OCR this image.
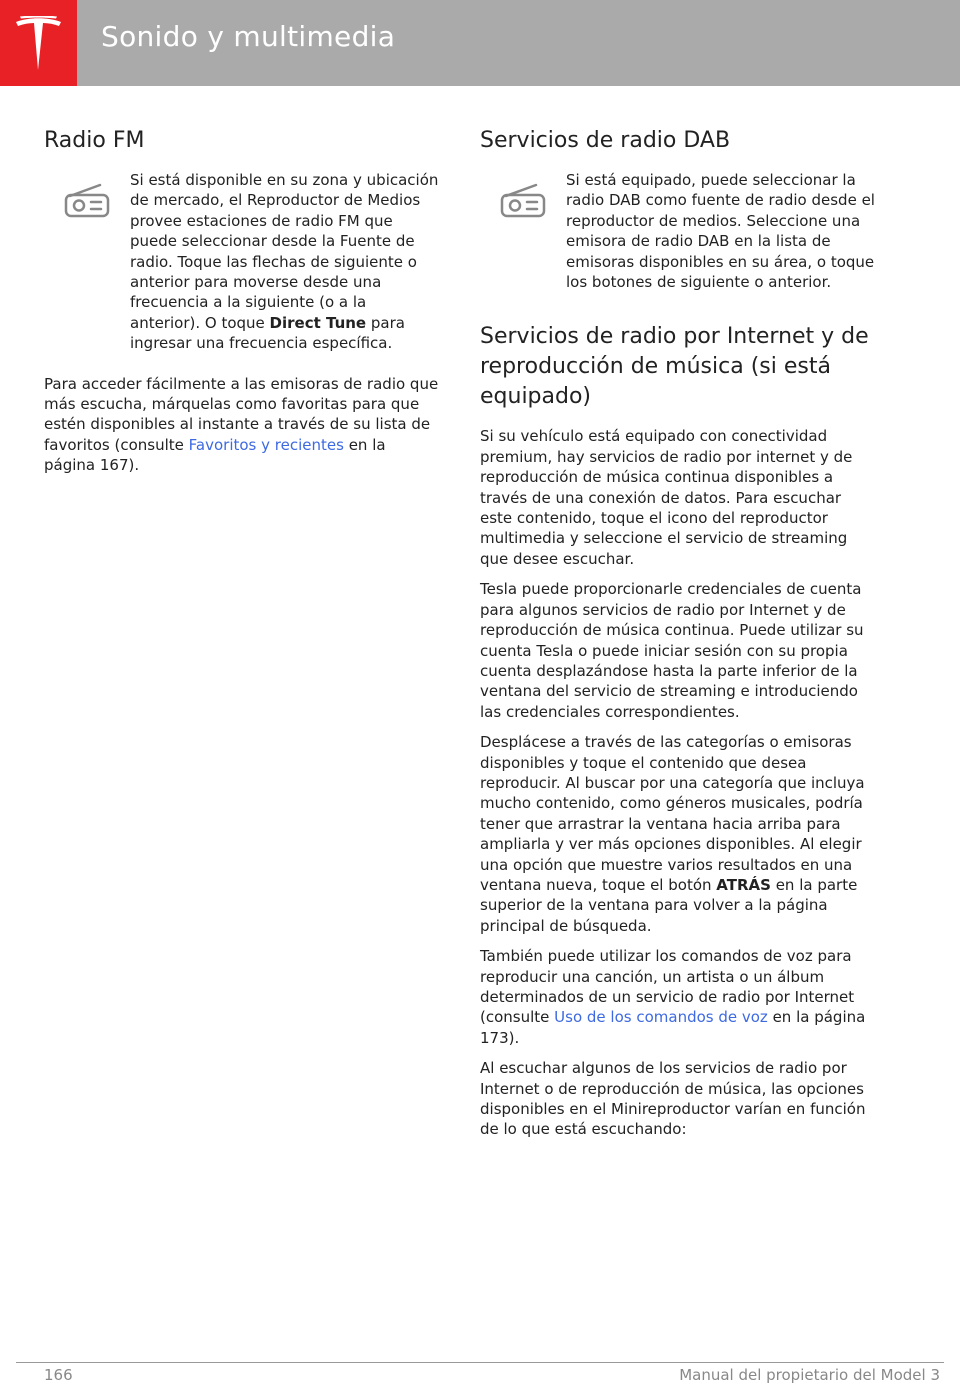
Sonido y multimedia
Radio FM

Si está disponible en su zona y ubicación de mercado, el Reproductor de Medios provee estaciones de radio FM que puede seleccionar desde la Fuente de radio. Toque las flechas de siguiente o anterior para moverse desde una frecuencia a la siguiente (o a la anterior). O toque Direct Tune para ingresar una frecuencia específica.

Para acceder fácilmente a las emisoras de radio que más escucha, márquelas como favoritas para que estén disponibles al instante a través de su lista de favoritos (consulte Favoritos y recientes en la página 167).

Servicios de radio DAB

Si está equipado, puede seleccionar la radio DAB como fuente de radio desde el reproductor de medios. Seleccione una emisora de radio DAB en la lista de emisoras disponibles en su área, o toque los botones de siguiente o anterior.

Servicios de radio por Internet y de reproducción de música (si está equipado)

Si su vehículo está equipado con conectividad premium, hay servicios de radio por internet y de reproducción de música continua disponibles a través de una conexión de datos. Para escuchar este contenido, toque el icono del reproductor multimedia y seleccione el servicio de streaming que desee escuchar.

Tesla puede proporcionarle credenciales de cuenta para algunos servicios de radio por Internet y de reproducción de música continua. Puede utilizar su cuenta Tesla o puede iniciar sesión con su propia cuenta desplazándose hasta la parte inferior de la ventana del servicio de streaming e introduciendo las credenciales correspondientes.

Desplácese a través de las categorías o emisoras disponibles y toque el contenido que desea reproducir. Al buscar por una categoría que incluya mucho contenido, como géneros musicales, podría tener que arrastrar la ventana hacia arriba para ampliarla y ver más opciones disponibles. Al elegir una opción que muestre varios resultados en una ventana nueva, toque el botón ATRÁS en la parte superior de la ventana para volver a la página principal de búsqueda.

También puede utilizar los comandos de voz para reproducir una canción, un artista o un álbum determinados de un servicio de radio por Internet (consulte Uso de los comandos de voz en la página 173).

Al escuchar algunos de los servicios de radio por Internet o de reproducción de música, las opciones disponibles en el Minireproductor varían en función de lo que está escuchando:

166	Manual del propietario del Model 3
